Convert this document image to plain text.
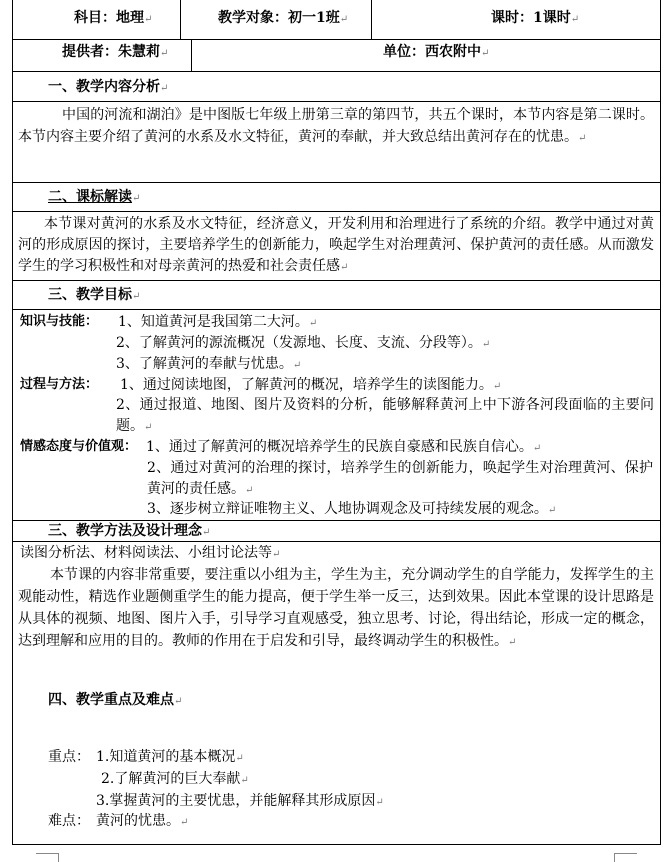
科目：地理↵	教学对象：初一1班↵	课时：1课时↵
提供者：朱慧莉↵	单位：西农附中↵
一、教学内容分析↵
中国的河流和湖泊》是中图版七年级上册第三章的第四节，共五个课时，本节内容是第二课时。本节内容主要介绍了黄河的水系及水文特征，黄河的奉献，并大致总结出黄河存在的忧患。↵
二、课标解读↵
本节课对黄河的水系及水文特征，经济意义，开发利用和治理进行了系统的介绍。教学中通过对黄河的形成原因的探讨，主要培养学生的创新能力，唤起学生对治理黄河、保护黄河的责任感。从而激发学生的学习积极性和对母亲黄河的热爱和社会责任感↵
三、教学目标↵
知识与技能： 1、知道黄河是我国第二大河。↵
2、了解黄河的源流概况（发源地、长度、支流、分段等）。↵
3、了解黄河的奉献与忧患。↵
过程与方法： 1、通过阅读地图，了解黄河的概况，培养学生的读图能力。↵
2、通过报道、地图、图片及资料的分析，能够解释黄河上中下游各河段面临的主要问题。↵
情感态度与价值观： 1、通过了解黄河的概况培养学生的民族自豪感和民族自信心。↵
2、通过对黄河的治理的探讨，培养学生的创新能力，唤起学生对治理黄河、保护黄河的责任感。↵
3、逐步树立辩证唯物主义、人地协调观念及可持续发展的观念。↵
三、教学方法及设计理念↵
读图分析法、材料阅读法、小组讨论法等↵
本节课的内容非常重要，要注重以小组为主，学生为主，充分调动学生的自学能力，发挥学生的主观能动性，精选作业题侧重学生的能力提高，便于学生举一反三，达到效果。因此本堂课的设计思路是从具体的视频、地图、图片入手，引导学习直观感受，独立思考、讨论，得出结论，形成一定的概念，达到理解和应用的目的。教师的作用在于启发和引导，最终调动学生的积极性。↵
四、教学重点及难点↵
重点： 1.知道黄河的基本概况↵
2.了解黄河的巨大奉献↵
3.掌握黄河的主要忧患，并能解释其形成原因↵
难点： 黄河的忧患。↵
